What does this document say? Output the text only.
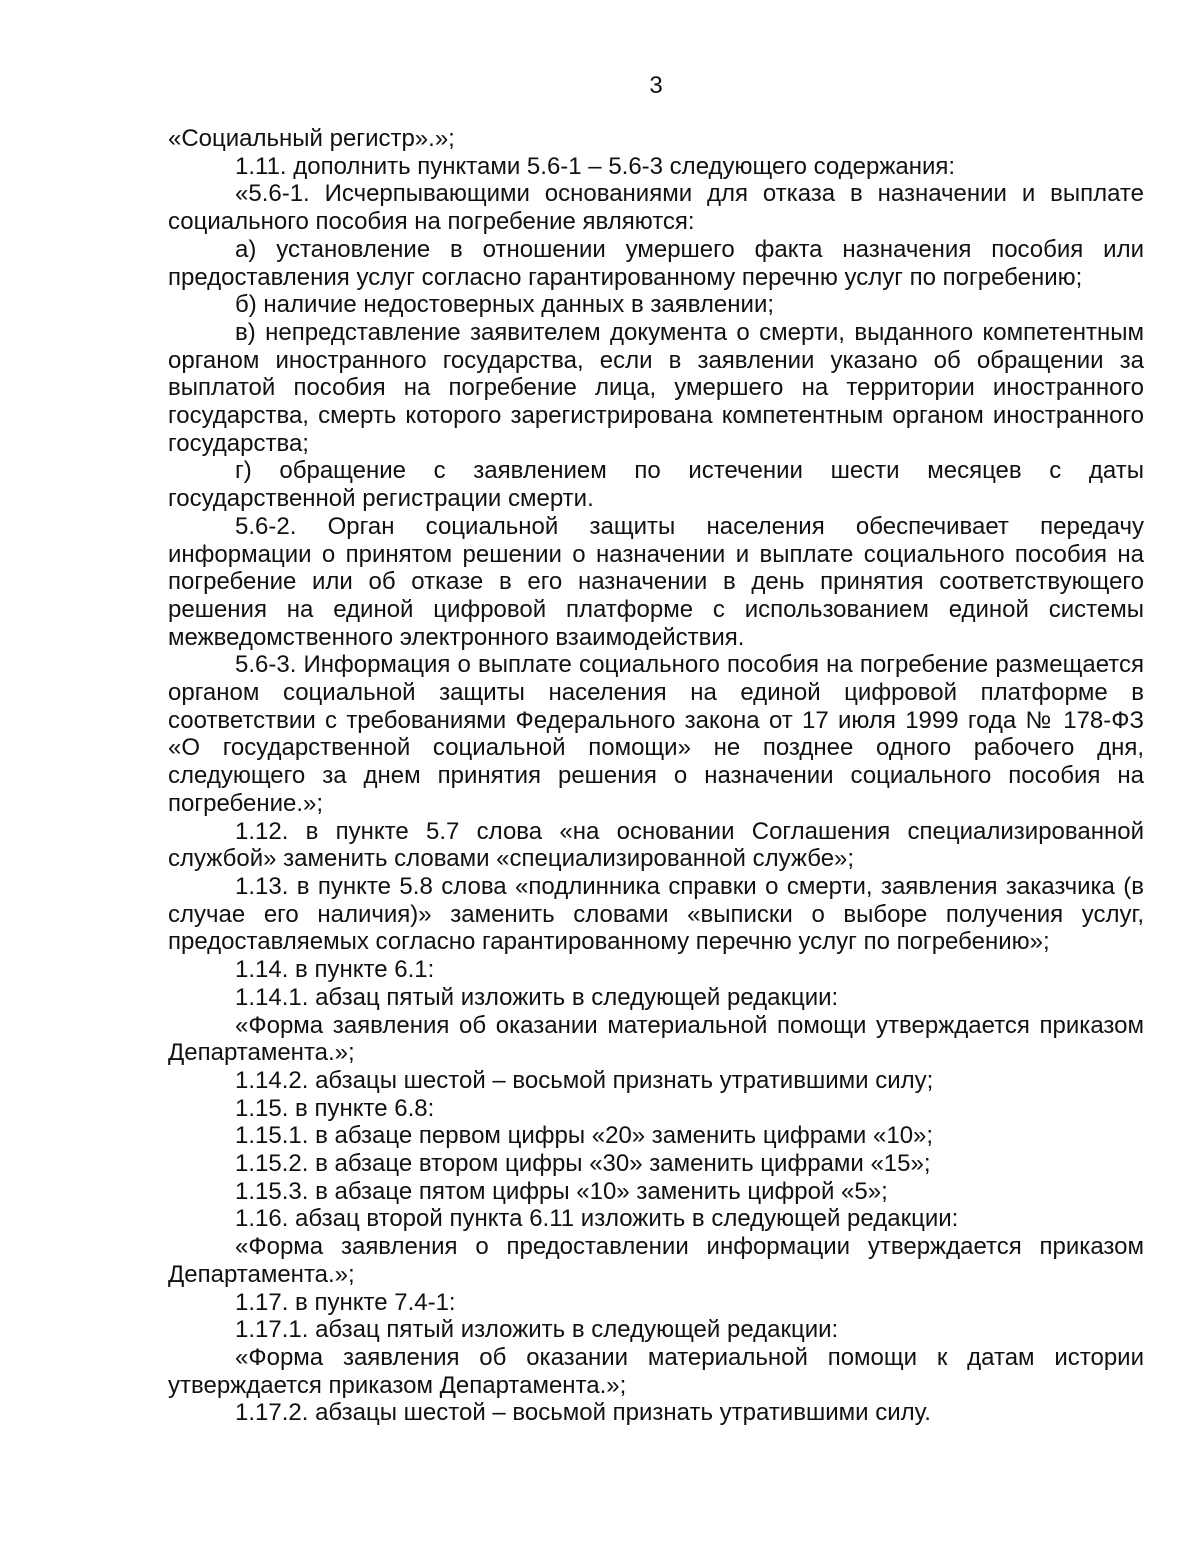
3

«Социальный регистр».»;

1.11. дополнить пунктами 5.6-1 – 5.6-3 следующего содержания:

«5.6-1. Исчерпывающими основаниями для отказа в назначении и выплате социального пособия на погребение являются:

а) установление в отношении умершего факта назначения пособия или предоставления услуг согласно гарантированному перечню услуг по погребению;

б) наличие недостоверных данных в заявлении;

в) непредставление заявителем документа о смерти, выданного компетентным органом иностранного государства, если в заявлении указано об обращении за выплатой пособия на погребение лица, умершего на территории иностранного государства, смерть которого зарегистрирована компетентным органом иностранного государства;

г) обращение с заявлением по истечении шести месяцев с даты государственной регистрации смерти.

5.6-2. Орган социальной защиты населения обеспечивает передачу информации о принятом решении о назначении и выплате социального пособия на погребение или об отказе в его назначении в день принятия соответствующего решения на единой цифровой платформе с использованием единой системы межведомственного электронного взаимодействия.

5.6-3. Информация о выплате социального пособия на погребение размещается органом социальной защиты населения на единой цифровой платформе в соответствии с требованиями Федерального закона от 17 июля 1999 года № 178-ФЗ «О государственной социальной помощи» не позднее одного рабочего дня, следующего за днем принятия решения о назначении социального пособия на погребение.»;

1.12. в пункте 5.7 слова «на основании Соглашения специализированной службой» заменить словами «специализированной службе»;

1.13. в пункте 5.8 слова «подлинника справки о смерти, заявления заказчика (в случае его наличия)» заменить словами «выписки о выборе получения услуг, предоставляемых согласно гарантированному перечню услуг по погребению»;

1.14. в пункте 6.1:

1.14.1. абзац пятый изложить в следующей редакции:

«Форма заявления об оказании материальной помощи утверждается приказом Департамента.»;

1.14.2. абзацы шестой – восьмой признать утратившими силу;

1.15. в пункте 6.8:

1.15.1. в абзаце первом цифры «20» заменить цифрами «10»;

1.15.2. в абзаце втором цифры «30» заменить цифрами «15»;

1.15.3. в абзаце пятом цифры «10» заменить цифрой «5»;

1.16. абзац второй пункта 6.11 изложить в следующей редакции:

«Форма заявления о предоставлении информации утверждается приказом Департамента.»;

1.17. в пункте 7.4-1:

1.17.1. абзац пятый изложить в следующей редакции:

«Форма заявления об оказании материальной помощи к датам истории утверждается приказом Департамента.»;

1.17.2. абзацы шестой – восьмой признать утратившими силу.
